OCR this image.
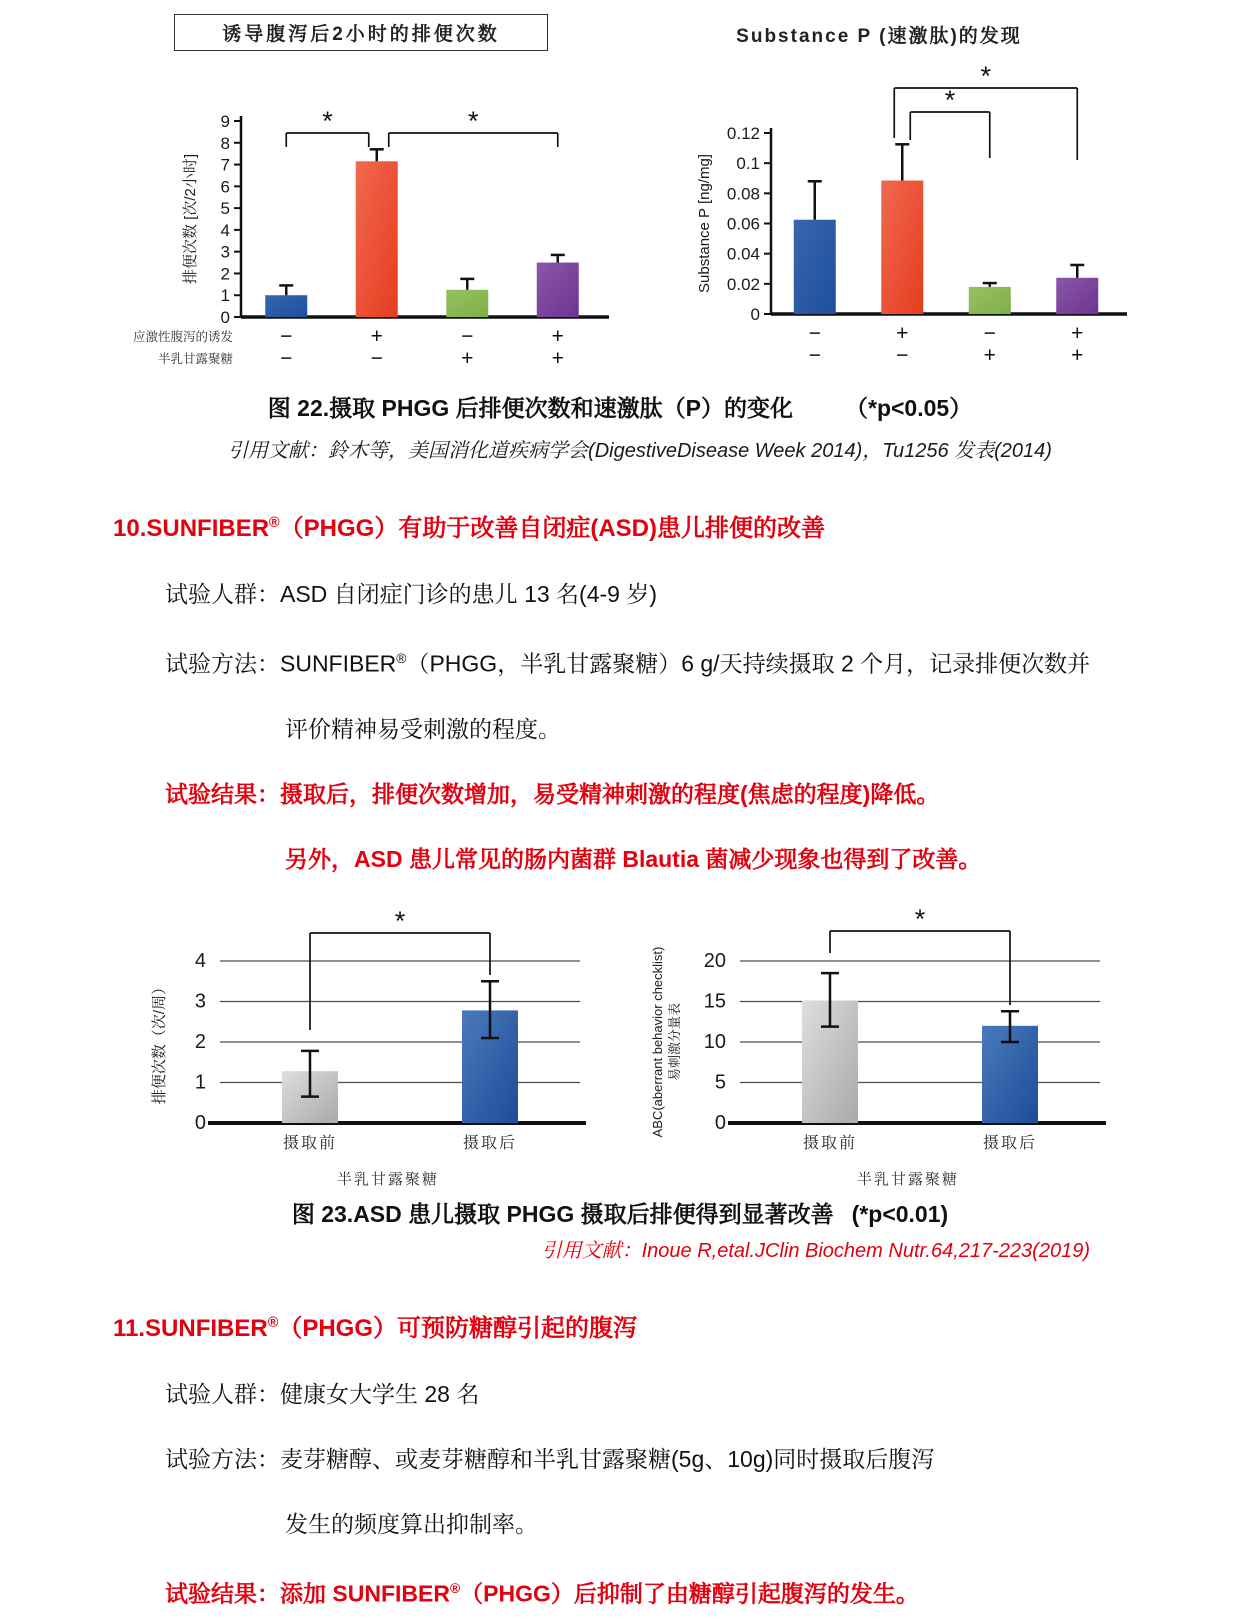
诱导腹泻后2小时的排便次数
0
1
2
3
4
5
6
7
8
9	*	*
排便次数 [次/2小时]
应激性腹泻的诱发 −	+	−	+
半乳甘露聚糖 −	−	+	+
Substance P (速激肽)的发现
0
0.02
0.04
0.06
0.08
0.1
0.12
*
*
Substance P [ng/mg]
−	+	−	+
−	−	+	+

图 22.摄取 PHGG 后排便次数和速激肽（P）的变化 （*p<0.05）

引用文献：鈴木等，美国消化道疾病学会(DigestiveDisease Week 2014)，Tu1256 发表(2014)

10.SUNFIBER®（PHGG）有助于改善自闭症(ASD)患儿排便的改善

试验人群：ASD 自闭症门诊的患儿 13 名(4-9 岁)

试验方法：SUNFIBER®（PHGG，半乳甘露聚糖）6 g/天持续摄取 2 个月，记录排便次数并

评价精神易受刺激的程度。

试验结果：摄取后，排便次数增加，易受精神刺激的程度(焦虑的程度)降低。

另外，ASD 患儿常见的肠内菌群 Blautia 菌减少现象也得到了改善。

0
1
2
3
4
*
排便次数（次/周）
摄取前	摄取后
半乳甘露聚糖
0
5
10
15
20
*
ABC(aberrant behavior checklist) 易刺激分量表
摄取前	摄取后
半乳甘露聚糖

图 23.ASD 患儿摄取 PHGG 摄取后排便得到显著改善 (*p<0.01)

引用文献：Inoue R,etal.JClin Biochem Nutr.64,217-223(2019)

11.SUNFIBER®（PHGG）可预防糖醇引起的腹泻

试验人群：健康女大学生 28 名

试验方法：麦芽糖醇、或麦芽糖醇和半乳甘露聚糖(5g、10g)同时摄取后腹泻

发生的频度算出抑制率。

试验结果：添加 SUNFIBER®（PHGG）后抑制了由糖醇引起腹泻的发生。
